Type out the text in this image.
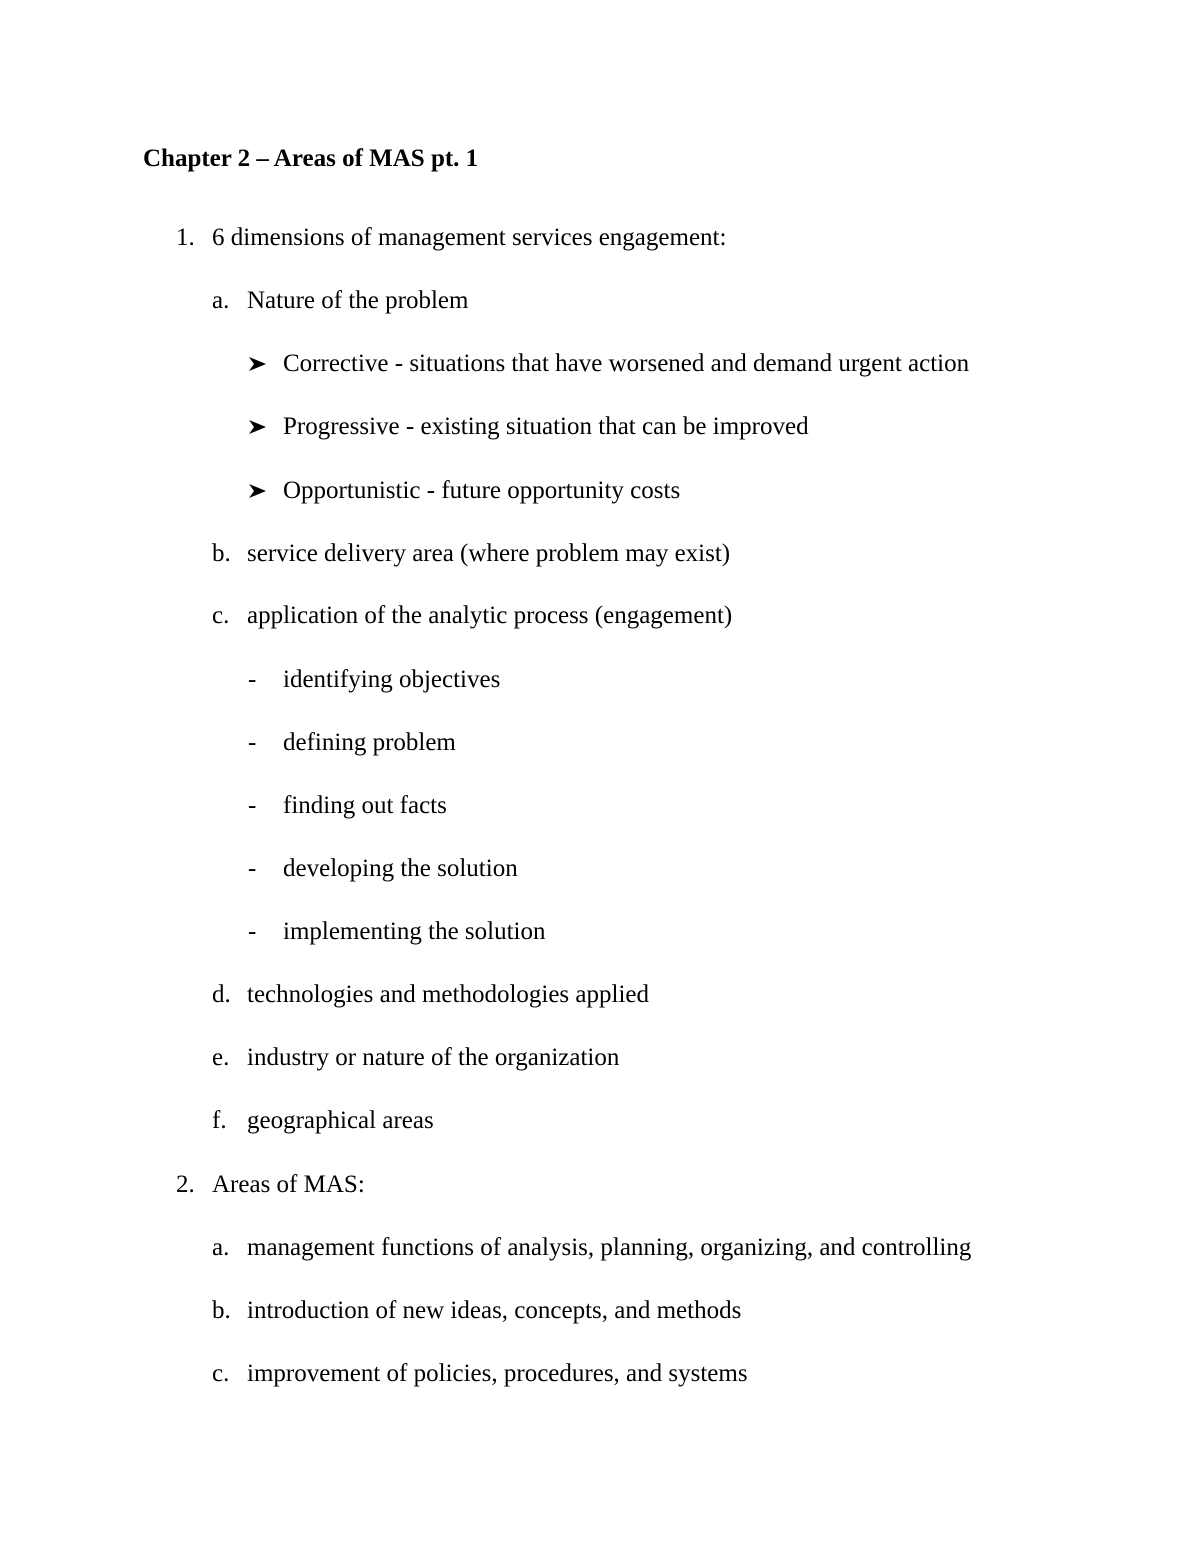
Chapter 2 – Areas of MAS pt. 1
1. 6 dimensions of management services engagement:
a. Nature of the problem
Corrective - situations that have worsened and demand urgent action
Progressive - existing situation that can be improved
Opportunistic - future opportunity costs
b. service delivery area (where problem may exist)
c. application of the analytic process (engagement)
- identifying objectives
- defining problem
- finding out facts
- developing the solution
- implementing the solution
d. technologies and methodologies applied
e. industry or nature of the organization
f. geographical areas
2. Areas of MAS:
a. management functions of analysis, planning, organizing, and controlling
b. introduction of new ideas, concepts, and methods
c. improvement of policies, procedures, and systems
